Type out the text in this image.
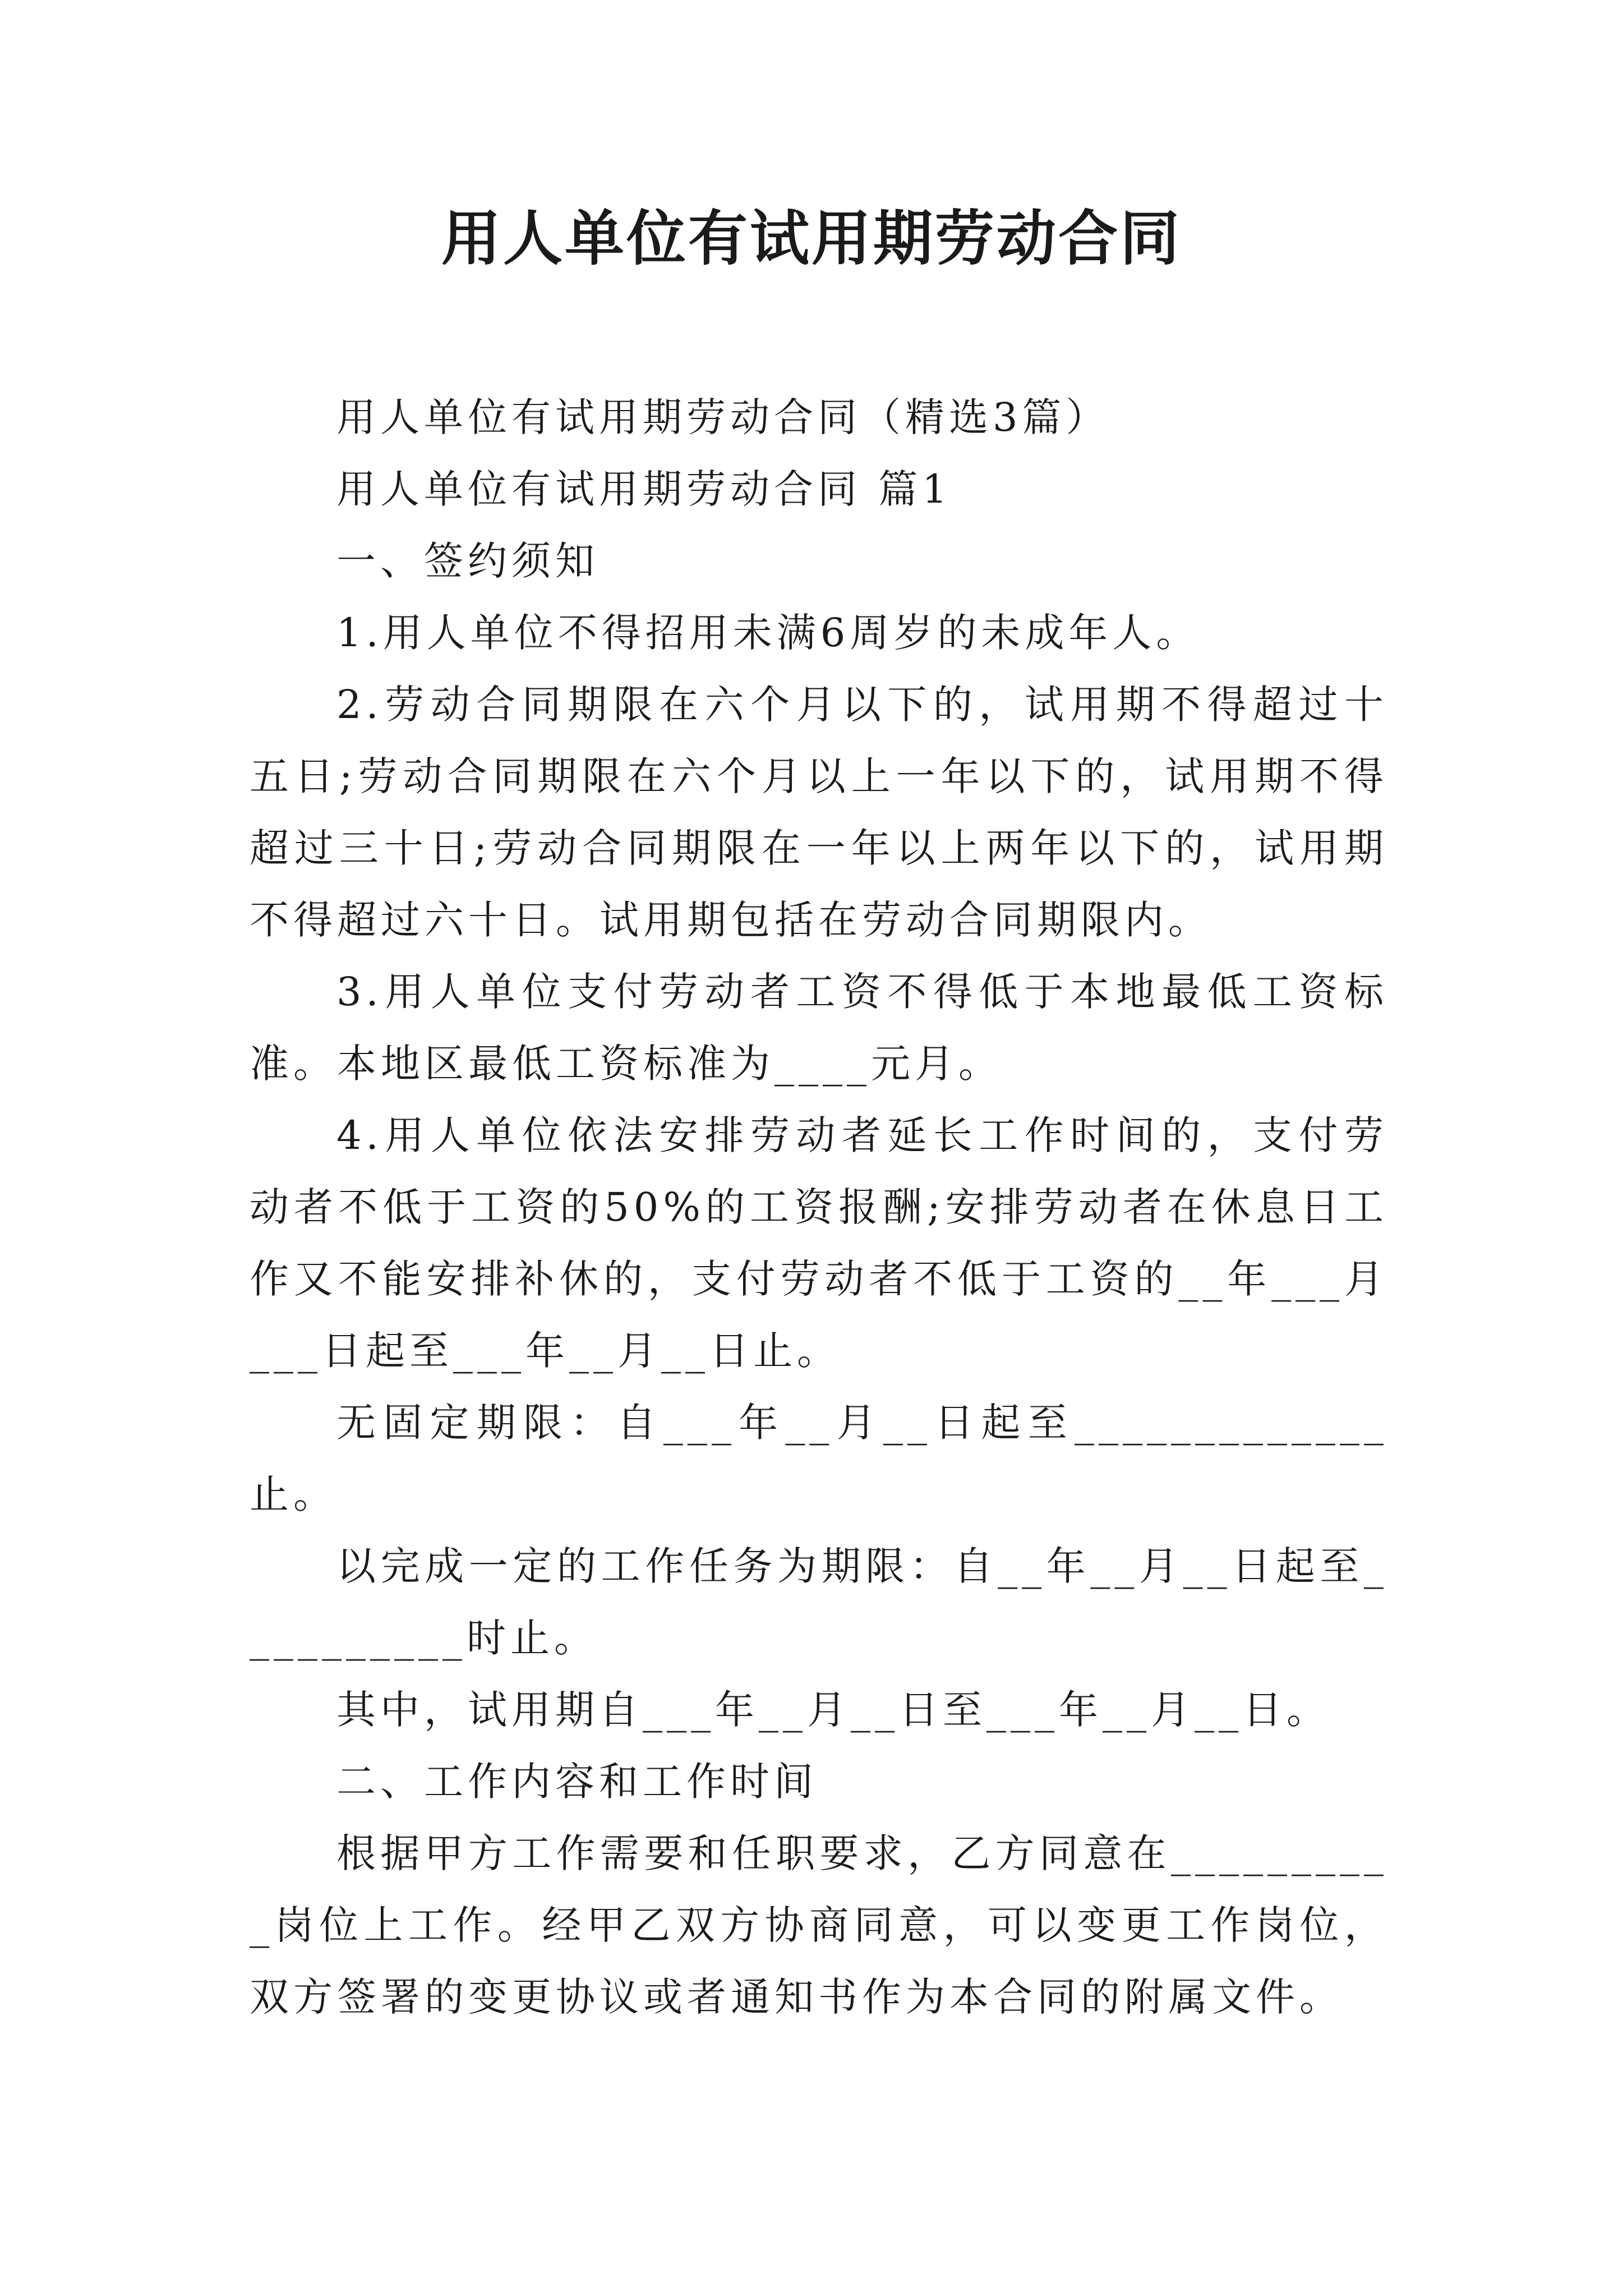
用人单位有试用期劳动合同

用人单位有试用期劳动合同（精选3篇）

用人单位有试用期劳动合同 篇1

一、签约须知

1.用人单位不得招用未满6周岁的未成年人。

2.劳动合同期限在六个月以下的，试用期不得超过十五日;劳动合同期限在六个月以上一年以下的，试用期不得超过三十日;劳动合同期限在一年以上两年以下的，试用期不得超过六十日。试用期包括在劳动合同期限内。

3.用人单位支付劳动者工资不得低于本地最低工资标准。本地区最低工资标准为____元月。

4.用人单位依法安排劳动者延长工作时间的，支付劳动者不低于工资的50%的工资报酬;安排劳动者在休息日工作又不能安排补休的，支付劳动者不低于工资的__年___月___日起至___年__月__日止。

无固定期限：自___年__月__日起至_____________止。

以完成一定的工作任务为期限：自__年__月__日起至__________时止。

其中，试用期自___年__月__日至___年__月__日。

二、工作内容和工作时间

根据甲方工作需要和任职要求，乙方同意在__________岗位上工作。经甲乙双方协商同意，可以变更工作岗位，双方签署的变更协议或者通知书作为本合同的附属文件。
